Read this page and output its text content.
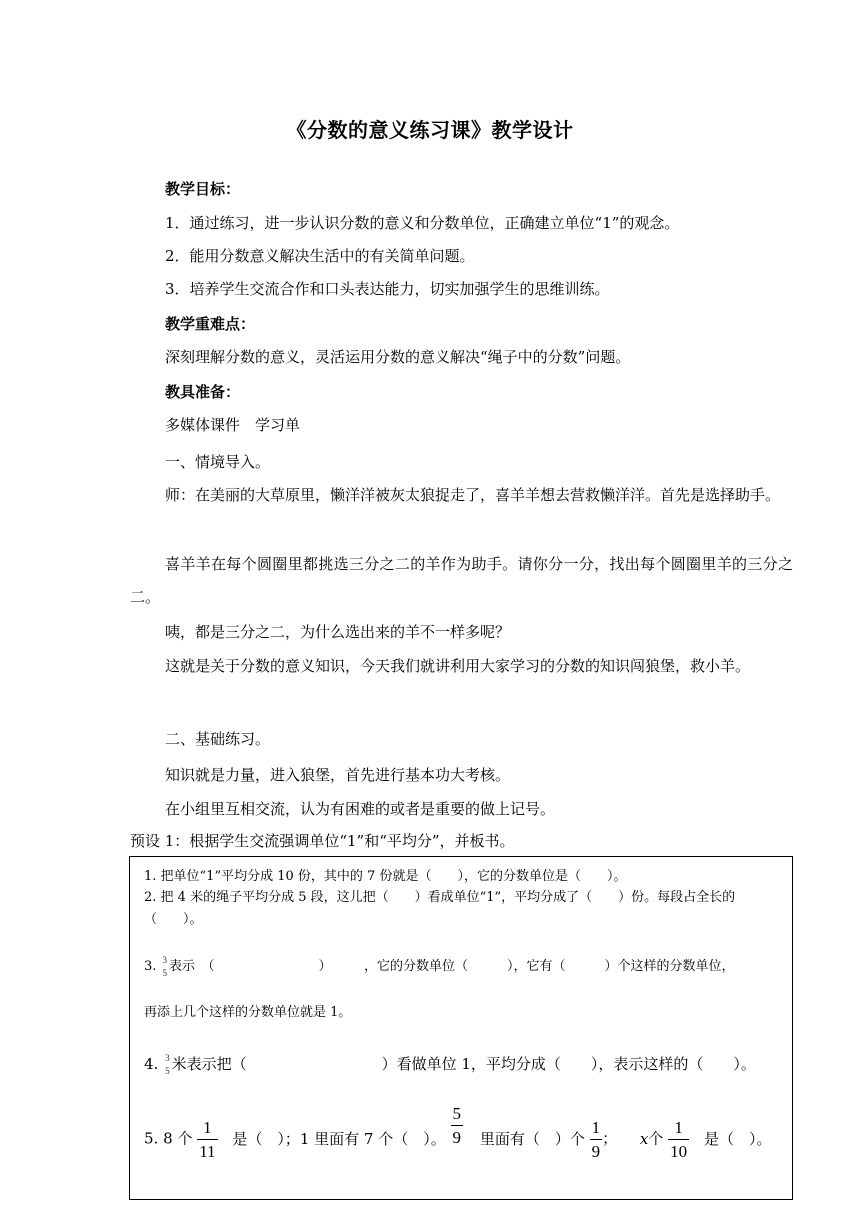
《分数的意义练习课》教学设计
教学目标：
1．通过练习，进一步认识分数的意义和分数单位，正确建立单位“1”的观念。
2．能用分数意义解决生活中的有关简单问题。
3．培养学生交流合作和口头表达能力，切实加强学生的思维训练。
教学重难点：
深刻理解分数的意义，灵活运用分数的意义解决“绳子中的分数”问题。
教具准备：
多媒体课件　学习单
一、情境导入。
师：在美丽的大草原里，懒洋洋被灰太狼捉走了，喜羊羊想去营救懒洋洋。首先是选择助手。
喜羊羊在每个圆圈里都挑选三分之二的羊作为助手。请你分一分，找出每个圆圈里羊的三分之二。
咦，都是三分之二，为什么选出来的羊不一样多呢？
这就是关于分数的意义知识，今天我们就讲利用大家学习的分数的知识闯狼堡，救小羊。
二、基础练习。
知识就是力量，进入狼堡，首先进行基本功大考核。
在小组里互相交流，认为有困难的或者是重要的做上记号。
预设 1：根据学生交流强调单位“1”和“平均分”，并板书。
1. 把单位“1”平均分成 10 份，其中的 7 份就是（　　），它的分数单位是（　　）。
2. 把 4 米的绳子平均分成 5 段，这儿把（　　）看成单位“1”，平均分成了（　　）份。每段占全长的（　　）。
3. 3
5 表示　（　　　　　　　　）　　　，它的分数单位（　　　），它有（　　　）个这样的分数单位，
再添上几个这样的分数单位就是 1。
4. 3
5 米表示把（　　　　　　　　　）看做单位 1，平均分成（　　），表示这样的（　　）。
5. 8 个 $\frac{1}{11}$ 是（　）；1 里面有 7 个（　）。 $\frac{5}{9}$ 里面有（　）个 $\frac{1}{9}$ ； x个 $\frac{1}{10}$ 是（　）。
